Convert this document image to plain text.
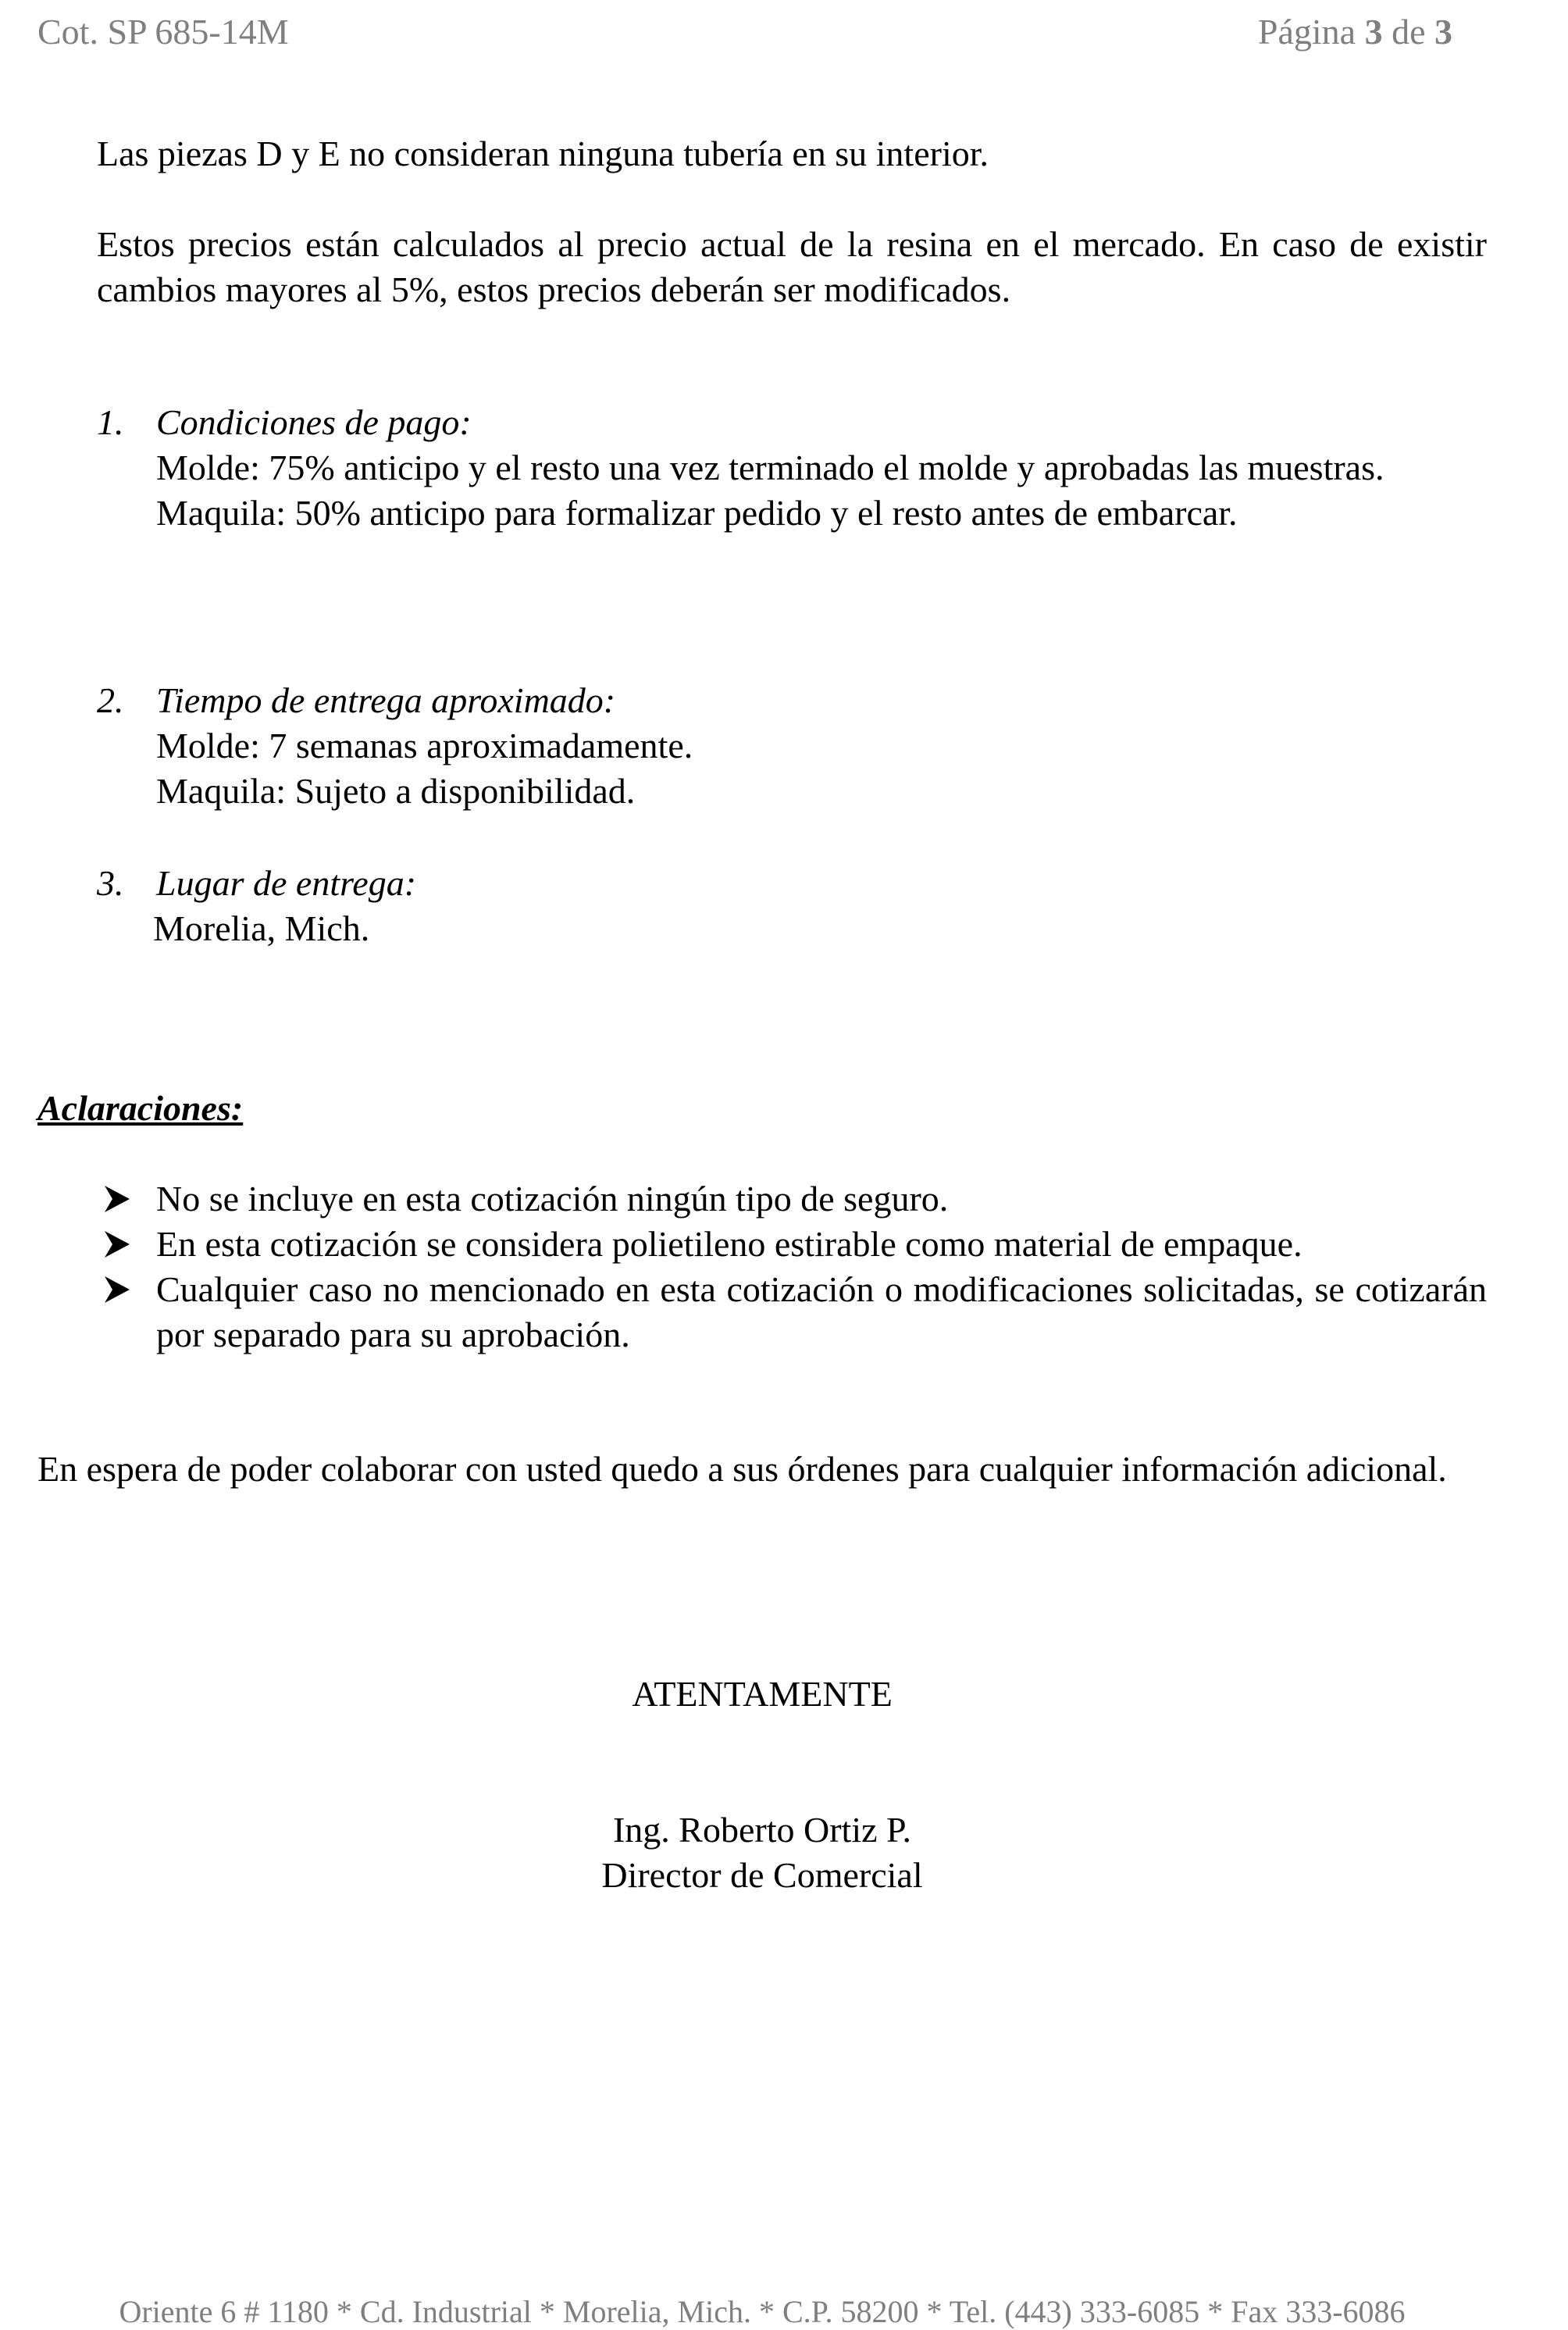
Cot. SP 685-14M	Página 3 de 3
Las piezas D y E no consideran ninguna tubería en su interior.
Estos precios están calculados al precio actual de la resina en el mercado. En caso de existir cambios mayores al 5%, estos precios deberán ser modificados.
1. Condiciones de pago:
Molde: 75% anticipo y el resto una vez terminado el molde y aprobadas las muestras.
Maquila: 50% anticipo para formalizar pedido y el resto antes de embarcar.
2. Tiempo de entrega aproximado:
Molde: 7 semanas aproximadamente.
Maquila: Sujeto a disponibilidad.
3. Lugar de entrega:
Morelia, Mich.
Aclaraciones:
No se incluye en esta cotización ningún tipo de seguro.
En esta cotización se considera polietileno estirable como material de empaque.
Cualquier caso no mencionado en esta cotización o modificaciones solicitadas, se cotizarán por separado para su aprobación.
En espera de poder colaborar con usted quedo a sus órdenes para cualquier información adicional.
ATENTAMENTE
Ing. Roberto Ortiz P.
Director de Comercial
Oriente 6 # 1180 * Cd. Industrial * Morelia, Mich. * C.P. 58200 * Tel. (443) 333-6085 * Fax 333-6086
